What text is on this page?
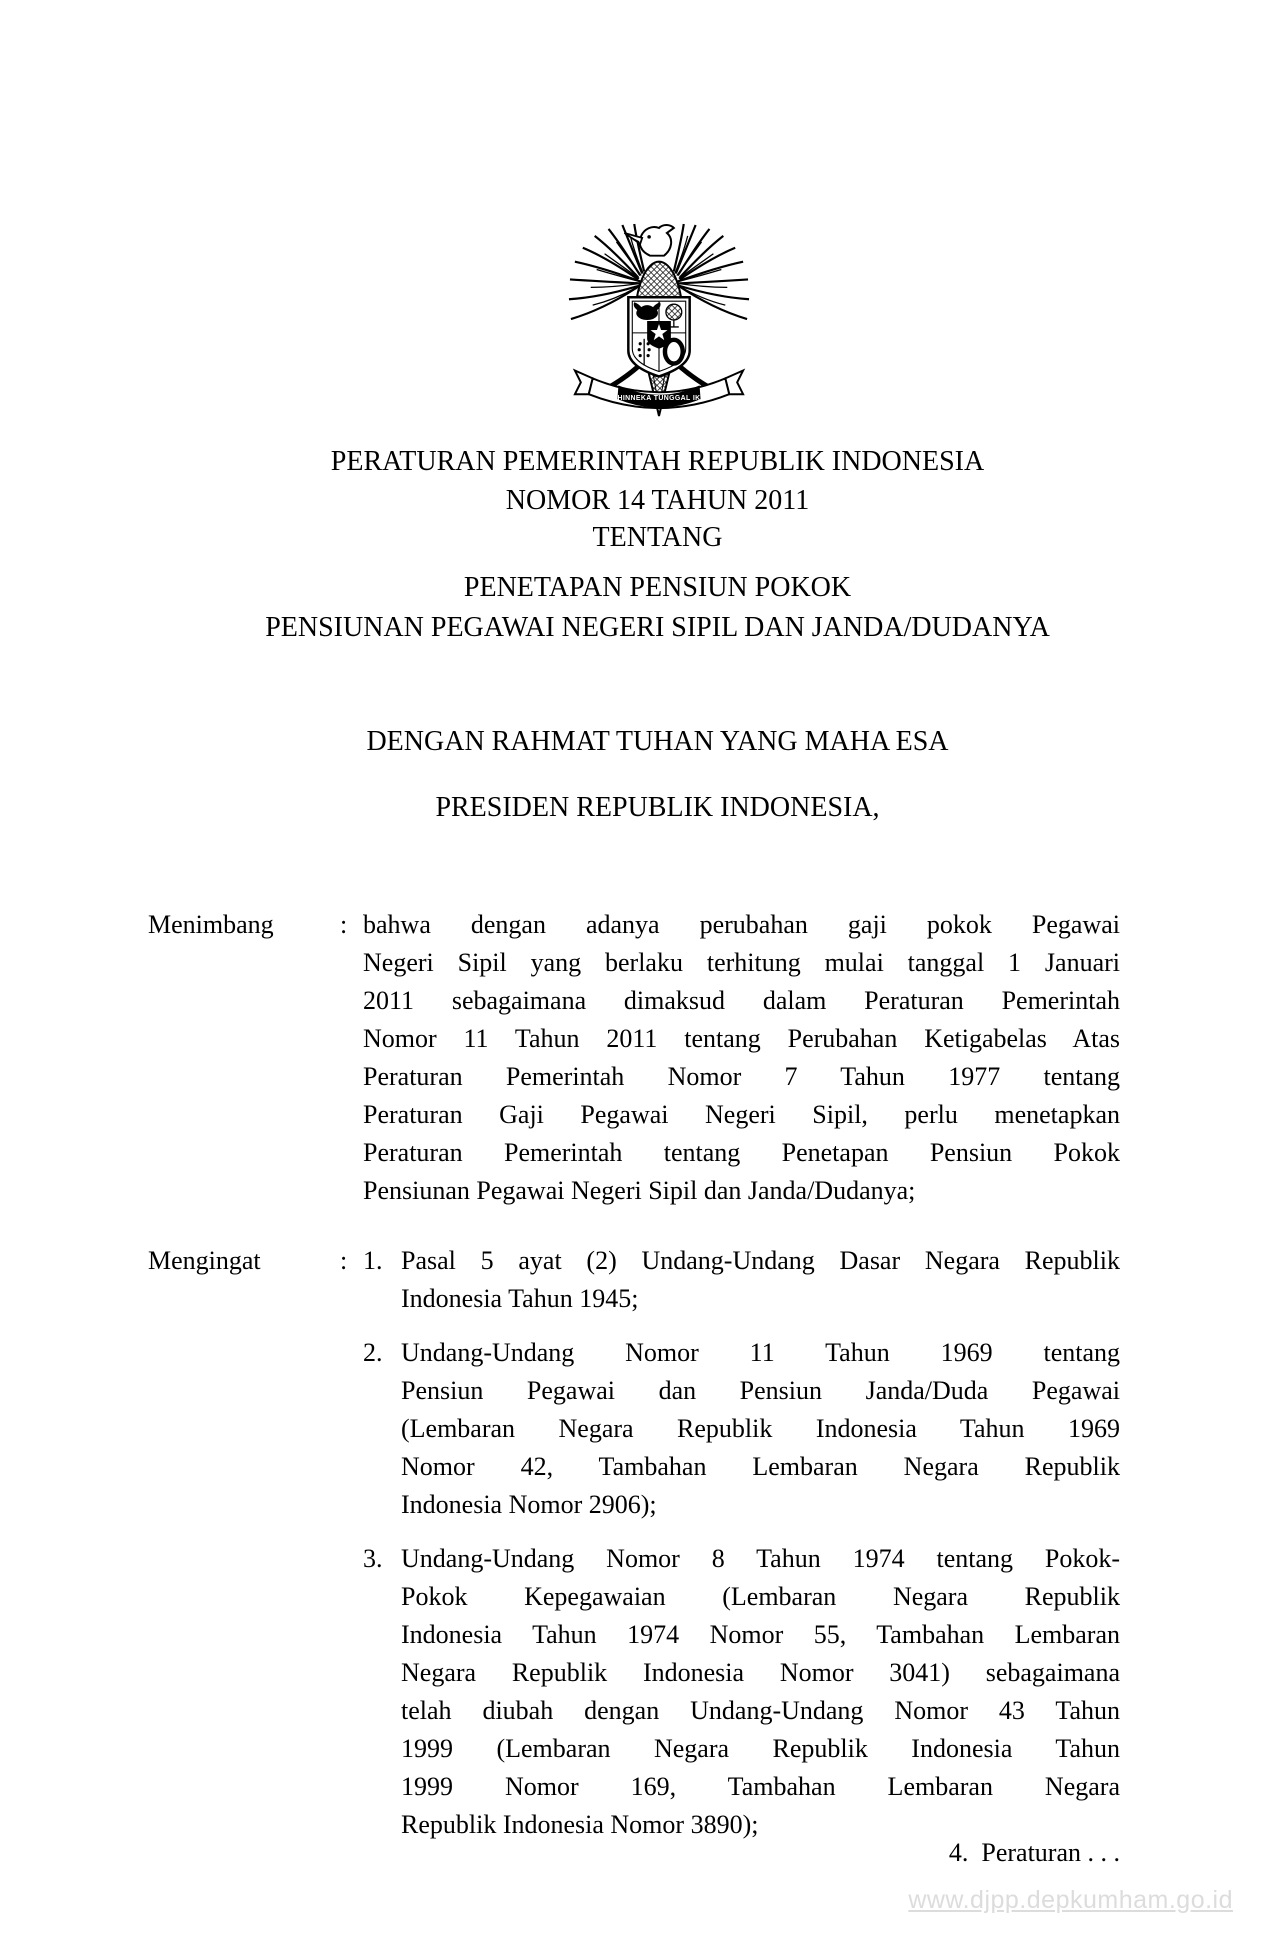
BHINNEKA TUNGGAL IKA
PERATURAN PEMERINTAH REPUBLIK INDONESIA
NOMOR 14 TAHUN 2011
TENTANG
PENETAPAN PENSIUN POKOK
PENSIUNAN PEGAWAI NEGERI SIPIL DAN JANDA/DUDANYA
DENGAN RAHMAT TUHAN YANG MAHA ESA
PRESIDEN REPUBLIK INDONESIA,
Menimbang	: bahwa dengan adanya perubahan gaji pokok Pegawai
Negeri Sipil yang berlaku terhitung mulai tanggal 1 Januari
2011 sebagaimana dimaksud dalam Peraturan Pemerintah
Nomor 11 Tahun 2011 tentang Perubahan Ketigabelas Atas
Peraturan Pemerintah Nomor 7 Tahun 1977 tentang
Peraturan Gaji Pegawai Negeri Sipil, perlu menetapkan
Peraturan Pemerintah tentang Penetapan Pensiun Pokok
Pensiunan Pegawai Negeri Sipil dan Janda/Dudanya;
Mengingat	: 1. Pasal 5 ayat (2) Undang-Undang Dasar Negara Republik
Indonesia Tahun 1945;
2. Undang-Undang Nomor 11 Tahun 1969 tentang
Pensiun Pegawai dan Pensiun Janda/Duda Pegawai
(Lembaran Negara Republik Indonesia Tahun 1969
Nomor 42, Tambahan Lembaran Negara Republik
Indonesia Nomor 2906);
3. Undang-Undang Nomor 8 Tahun 1974 tentang Pokok-
Pokok Kepegawaian (Lembaran Negara Republik
Indonesia Tahun 1974 Nomor 55, Tambahan Lembaran
Negara Republik Indonesia Nomor 3041) sebagaimana
telah diubah dengan Undang-Undang Nomor 43 Tahun
1999 (Lembaran Negara Republik Indonesia Tahun
1999 Nomor 169, Tambahan Lembaran Negara
Republik Indonesia Nomor 3890);
4.  Peraturan . . .
www.djpp.depkumham.go.id
